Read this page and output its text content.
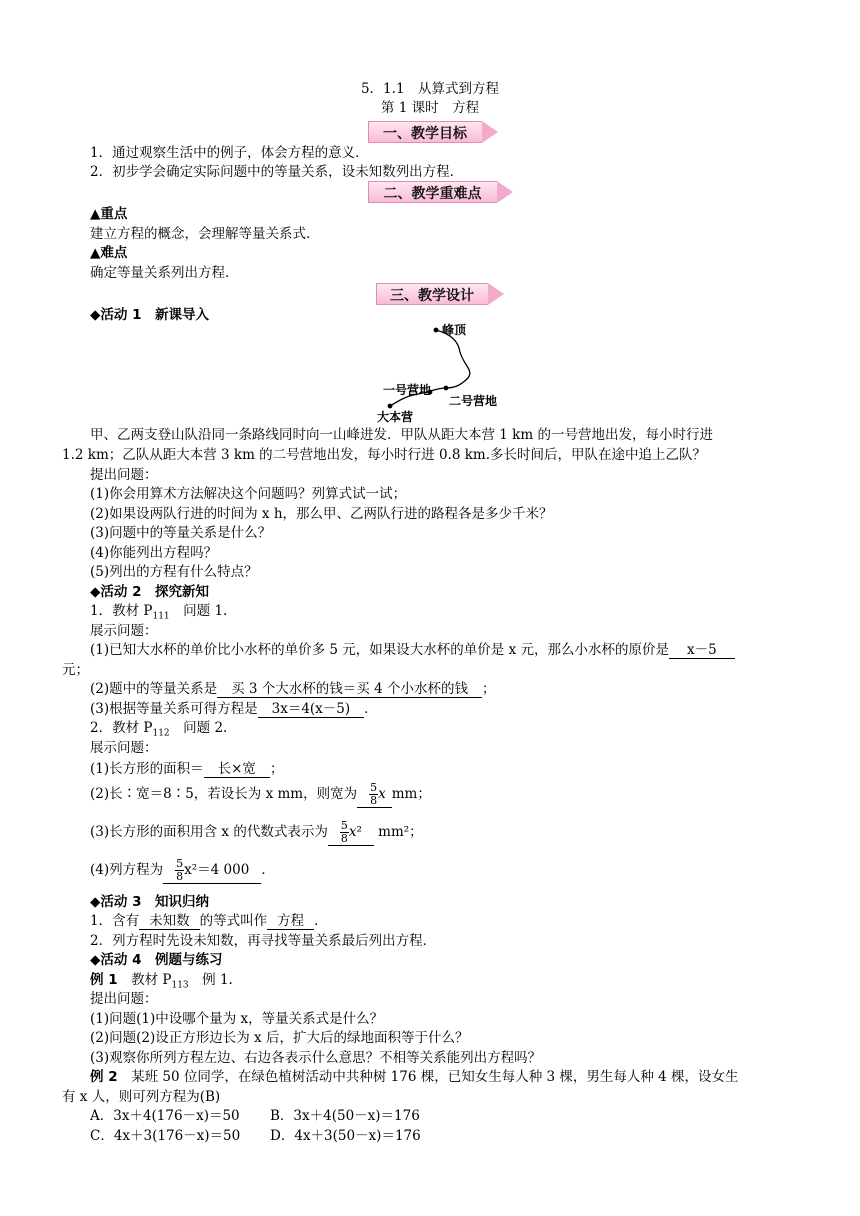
5．1.1　从算式到方程
第 1 课时　方程
一、教学目标
1．通过观察生活中的例子，体会方程的意义．
2．初步学会确定实际问题中的等量关系，设未知数列出方程．
二、教学重难点
▲重点
建立方程的概念，会理解等量关系式．
▲难点
确定等量关系列出方程．
三、教学设计
◆活动 1　新课导入
峰顶
一号营地
二号营地
大本营
甲、乙两支登山队沿同一条路线同时向一山峰进发．甲队从距大本营 1 km 的一号营地出发，每小时行进
1.2 km；乙队从距大本营 3 km 的二号营地出发，每小时行进 0.8 km.多长时间后，甲队在途中追上乙队？
提出问题：
(1)你会用算术方法解决这个问题吗？列算式试一试；
(2)如果设两队行进的时间为 x h，那么甲、乙两队行进的路程各是多少千米？
(3)问题中的等量关系是什么？
(4)你能列出方程吗？
(5)列出的方程有什么特点？
◆活动 2　探究新知
1．教材 $P_{111}$　问题 1.
展示问题：
(1)已知大水杯的单价比小水杯的单价多 5 元，如果设大水杯的单价是 x 元，那么小水杯的原价是 x－5
元；
(2)题中的等量关系是 买 3 个大水杯的钱＝买 4 个小水杯的钱 ；
(3)根据等量关系可得方程是 3x＝4(x－5) ．
2．教材 $P_{112}$　问题 2.
展示问题：
(1)长方形的面积＝ 长×宽 ；
(2)长∶宽＝8∶5，若设长为 x mm，则宽为 $\frac{5}{8}$ x mm；
(3)长方形的面积用含 x 的代数式表示为 $\frac{5}{8} x^2$ mm²；
(4)列方程为 $\frac{5}{8} x^2=4$ 000 ．
◆活动 3　知识归纳
1．含有 未知数 的等式叫作 方程 ．
2．列方程时先设未知数，再寻找等量关系最后列出方程．
◆活动 4　例题与练习
例 1　教材 $P_{113}$　例 1.
提出问题：
(1)问题(1)中设哪个量为 x，等量关系式是什么？
(2)问题(2)设正方形边长为 x 后，扩大后的绿地面积等于什么？
(3)观察你所列方程左边、右边各表示什么意思？不相等关系能列出方程吗？
例 2　某班 50 位同学，在绿色植树活动中共种树 176 棵，已知女生每人种 3 棵，男生每人种 4 棵，设女生
有 x 人，则可列方程为(B)
A．3x＋4(176－x)＝50 B．3x＋4(50－x)＝176
C．4x＋3(176－x)＝50 D．4x＋3(50－x)＝176
